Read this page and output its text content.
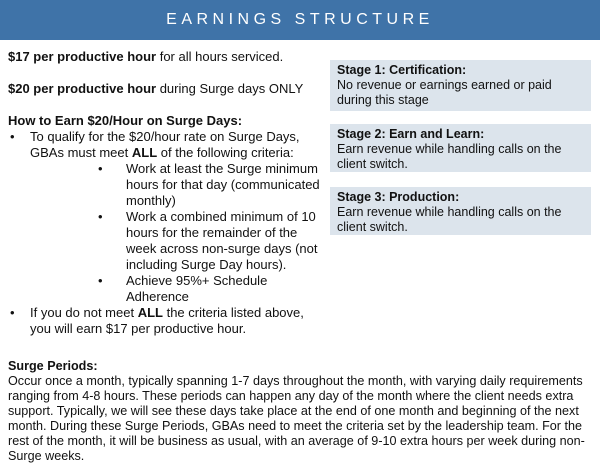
EARNINGS STRUCTURE

$17 per productive hour for all hours serviced.

$20 per productive hour during Surge days ONLY

How to Earn $20/Hour on Surge Days:

• To qualify for the $20/hour rate on Surge Days, GBAs must meet ALL of the following criteria:
• Work at least the Surge minimum hours for that day (communicated monthly)
• Work a combined minimum of 10 hours for the remainder of the week across non-surge days (not including Surge Day hours).
• Achieve 95%+ Schedule Adherence
• If you do not meet ALL the criteria listed above, you will earn $17 per productive hour.
Stage 1: Certification:
No revenue or earnings earned or paid during this stage
Stage 2: Earn and Learn:
Earn revenue while handling calls on the client switch.
Stage 3: Production:
Earn revenue while handling calls on the client switch.
Surge Periods:
Occur once a month, typically spanning 1-7 days throughout the month, with varying daily requirements ranging from 4-8 hours. These periods can happen any day of the month where the client needs extra support. Typically, we will see these days take place at the end of one month and beginning of the next month. During these Surge Periods, GBAs need to meet the criteria set by the leadership team. For the rest of the month, it will be business as usual, with an average of 9-10 extra hours per week during non-Surge weeks.
